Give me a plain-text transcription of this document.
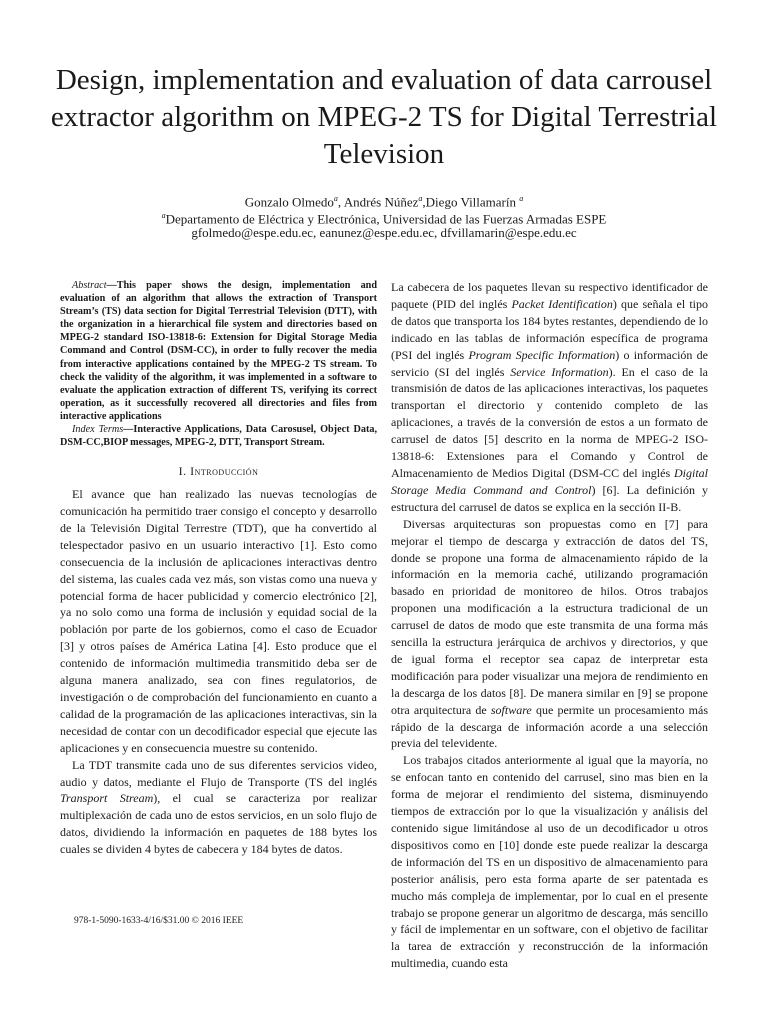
Design, implementation and evaluation of data carrousel extractor algorithm on MPEG-2 TS for Digital Terrestrial Television
Gonzalo Olmedo$^a$, Andrés Núñez$^a$,Diego Villamarín $^a$
$^a$Departamento de Eléctrica y Electrónica, Universidad de las Fuerzas Armadas ESPE
gfolmedo@espe.edu.ec, eanunez@espe.edu.ec, dfvillamarin@espe.edu.ec

Abstract—This paper shows the design, implementation and evaluation of an algorithm that allows the extraction of Transport Stream’s (TS) data section for Digital Terrestrial Television (DTT), with the organization in a hierarchical file system and directories based on MPEG-2 standard ISO-13818-6: Extension for Digital Storage Media Command and Control (DSM-CC), in order to fully recover the media from interactive applications contained by the MPEG-2 TS stream. To check the validity of the algorithm, it was implemented in a software to evaluate the application extraction of different TS, verifying its correct operation, as it successfully recovered all directories and files from interactive applications

Index Terms—Interactive Applications, Data Carosusel, Object Data, DSM-CC,BIOP messages, MPEG-2, DTT, Transport Stream.

I. Introducción

El avance que han realizado las nuevas tecnologías de comunicación ha permitido traer consigo el concepto y desarrollo de la Televisión Digital Terrestre (TDT), que ha convertido al telespectador pasivo en un usuario interactivo [1]. Esto como consecuencia de la inclusión de aplicaciones interactivas dentro del sistema, las cuales cada vez más, son vistas como una nueva y potencial forma de hacer publicidad y comercio electrónico [2], ya no solo como una forma de inclusión y equidad social de la población por parte de los gobiernos, como el caso de Ecuador [3] y otros países de América Latina [4]. Esto produce que el contenido de información multimedia transmitido deba ser de alguna manera analizado, sea con fines regulatorios, de investigación o de comprobación del funcionamiento en cuanto a calidad de la programación de las aplicaciones interactivas, sin la necesidad de contar con un decodificador especial que ejecute las aplicaciones y en consecuencia muestre su contenido.

La TDT transmite cada uno de sus diferentes servicios video, audio y datos, mediante el Flujo de Transporte (TS del inglés Transport Stream), el cual se caracteriza por realizar multiplexación de cada uno de estos servicios, en un solo flujo de datos, dividiendo la información en paquetes de 188 bytes los cuales se dividen 4 bytes de cabecera y 184 bytes de datos.

La cabecera de los paquetes llevan su respectivo identificador de paquete (PID del inglés Packet Identification) que señala el tipo de datos que transporta los 184 bytes restantes, dependiendo de lo indicado en las tablas de información específica de programa (PSI del inglés Program Specific Information) o información de servicio (SI del inglés Service Information). En el caso de la transmisión de datos de las aplicaciones interactivas, los paquetes transportan el directorio y contenido completo de las aplicaciones, a través de la conversión de estos a un formato de carrusel de datos [5] descrito en la norma de MPEG-2 ISO-13818-6: Extensiones para el Comando y Control de Almacenamiento de Medios Digital (DSM-CC del inglés Digital Storage Media Command and Control) [6]. La definición y estructura del carrusel de datos se explica en la sección II-B.

Diversas arquitecturas son propuestas como en [7] para mejorar el tiempo de descarga y extracción de datos del TS, donde se propone una forma de almacenamiento rápido de la información en la memoria caché, utilizando programación basado en prioridad de monitoreo de hilos. Otros trabajos proponen una modificación a la estructura tradicional de un carrusel de datos de modo que este transmita de una forma más sencilla la estructura jerárquica de archivos y directorios, y que de igual forma el receptor sea capaz de interpretar esta modificación para poder visualizar una mejora de rendimiento en la descarga de los datos [8]. De manera similar en [9] se propone otra arquitectura de software que permite un procesamiento más rápido de la descarga de información acorde a una selección previa del televidente.

Los trabajos citados anteriormente al igual que la mayoría, no se enfocan tanto en contenido del carrusel, sino mas bien en la forma de mejorar el rendimiento del sistema, disminuyendo tiempos de extracción por lo que la visualización y análisis del contenido sigue limitándose al uso de un decodificador u otros dispositivos como en [10] donde este puede realizar la descarga de información del TS en un dispositivo de almacenamiento para posterior análisis, pero esta forma aparte de ser patentada es mucho más compleja de implementar, por lo cual en el presente trabajo se propone generar un algoritmo de descarga, más sencillo y fácil de implementar en un software, con el objetivo de facilitar la tarea de extracción y reconstrucción de la información multimedia, cuando esta

978-1-5090-1633-4/16/$31.00 © 2016 IEEE
